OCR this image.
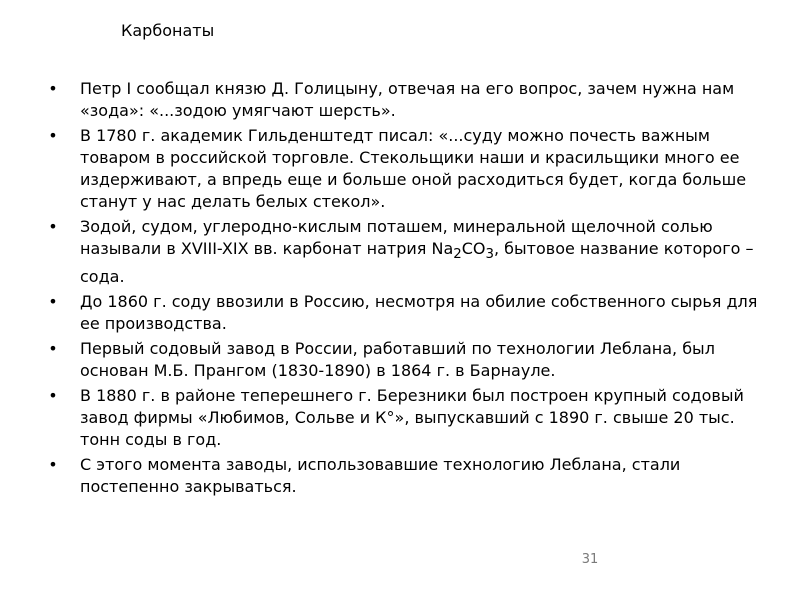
Карбонаты
• Петр I сообщал князю Д. Голицыну, отвечая на его вопрос, зачем нужна нам «зода»: «...зодою умягчают шерсть».
• В 1780 г. академик Гильденштедт писал: «...суду можно почесть важным товаром в российской торговле. Стекольщики наши и красильщики много ее издерживают, а впредь еще и больше оной расходиться будет, когда больше станут у нас делать белых стекол».
• Зодой, судом, углеродно-кислым поташем, минеральной щелочной солью называли в XVIII-XIX вв. карбонат натрия $Na_2CO_3$, бытовое название которого – сода.
• До 1860 г. соду ввозили в Россию, несмотря на обилие собственного сырья для ее производства.
• Первый содовый завод в России, работавший по технологии Леблана, был основан М.Б. Прангом (1830-1890) в 1864 г. в Барнауле.
• В 1880 г. в районе теперешнего г. Березники был построен крупный содовый завод фирмы «Любимов, Сольве и К°», выпускавший с 1890 г. свыше 20 тыс. тонн соды в год.
• С этого момента заводы, использовавшие технологию Леблана, стали постепенно закрываться.
31
